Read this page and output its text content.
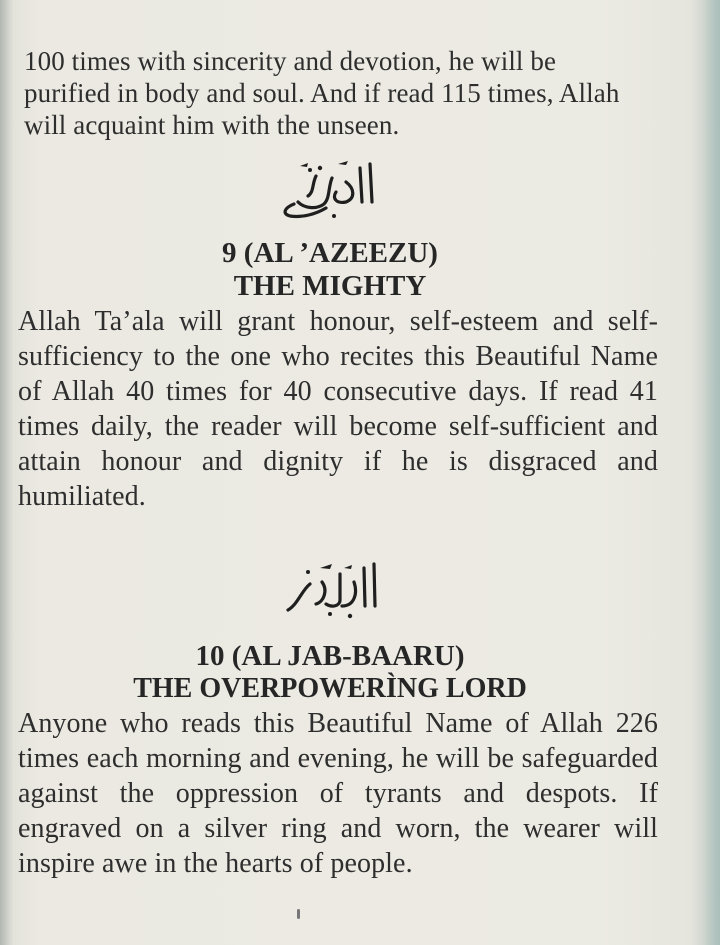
100 times with sincerity and devotion, he will be purified in body and soul. And if read 115 times, Allah will acquaint him with the unseen.

9 (AL ’AZEEZU)
THE MIGHTY

Allah Ta’ala will grant honour, self-esteem and self-sufficiency to the one who recites this Beautiful Name of Allah 40 times for 40 consecutive days. If read 41 times daily, the reader will become self-sufficient and attain honour and dignity if he is disgraced and humiliated.

10 (AL JAB-BAARU)
THE OVERPOWERÌNG LORD

Anyone who reads this Beautiful Name of Allah 226 times each morning and evening, he will be safeguarded against the oppression of tyrants and despots. If engraved on a silver ring and worn, the wearer will inspire awe in the hearts of people.
